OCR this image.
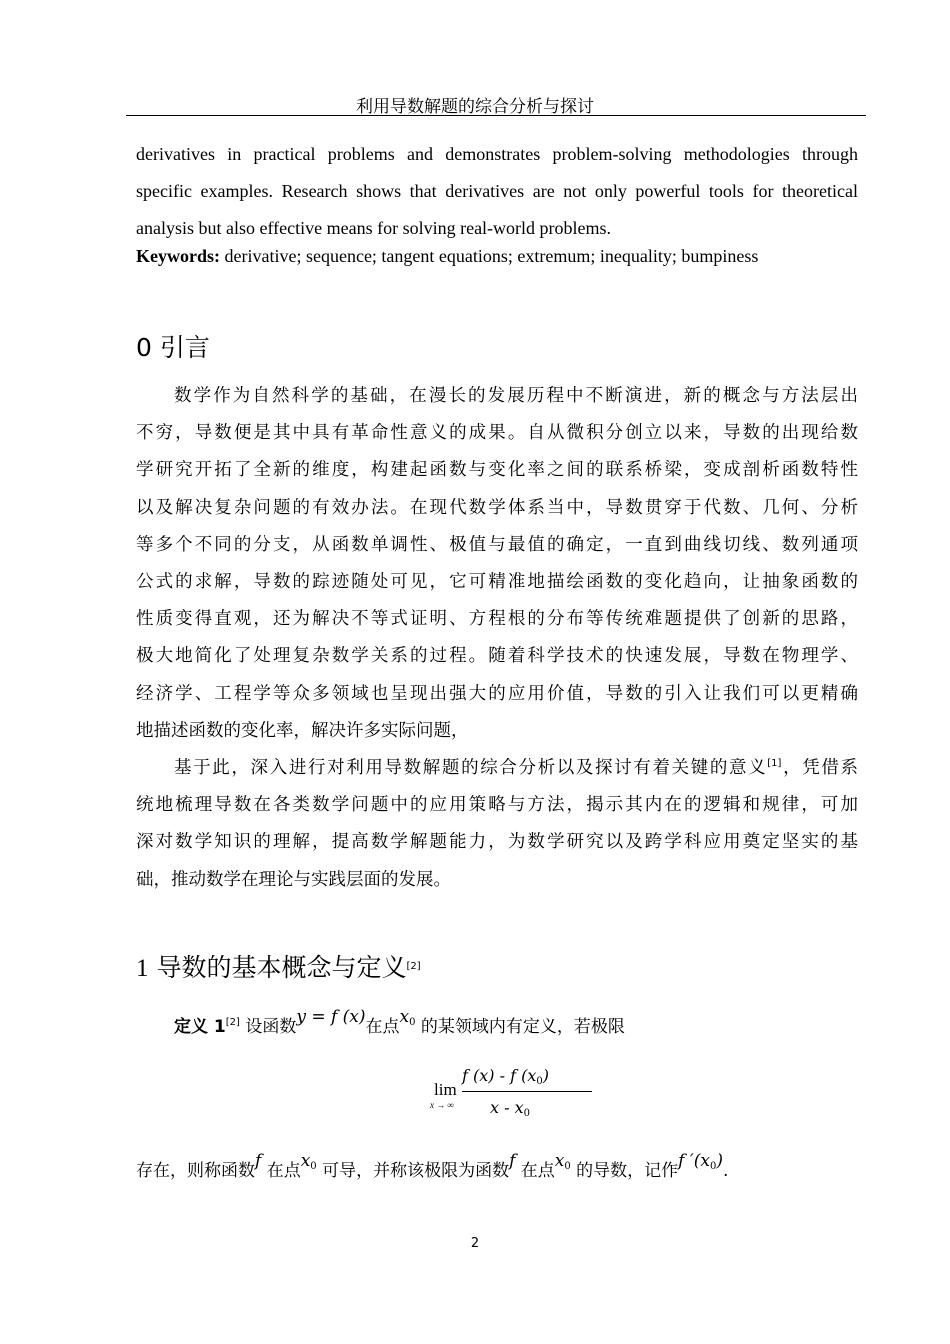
利用导数解题的综合分析与探讨
derivatives in practical problems and demonstrates problem-solving methodologies through
specific examples. Research shows that derivatives are not only powerful tools for theoretical
analysis but also effective means for solving real-world problems.
Keywords: derivative; sequence; tangent equations; extremum; inequality; bumpiness
0 引言
数学作为自然科学的基础，在漫长的发展历程中不断演进，新的概念与方法层出
不穷，导数便是其中具有革命性意义的成果。自从微积分创立以来，导数的出现给数
学研究开拓了全新的维度，构建起函数与变化率之间的联系桥梁，变成剖析函数特性
以及解决复杂问题的有效办法。在现代数学体系当中，导数贯穿于代数、几何、分析
等多个不同的分支，从函数单调性、极值与最值的确定，一直到曲线切线、数列通项
公式的求解，导数的踪迹随处可见，它可精准地描绘函数的变化趋向，让抽象函数的
性质变得直观，还为解决不等式证明、方程根的分布等传统难题提供了创新的思路，
极大地简化了处理复杂数学关系的过程。随着科学技术的快速发展，导数在物理学、
经济学、工程学等众多领域也呈现出强大的应用价值，导数的引入让我们可以更精确
地描述函数的变化率，解决许多实际问题，
基于此，深入进行对利用导数解题的综合分析以及探讨有着关键的意义[1]，凭借系
统地梳理导数在各类数学问题中的应用策略与方法，揭示其内在的逻辑和规律，可加
深对数学知识的理解，提高数学解题能力，为数学研究以及跨学科应用奠定坚实的基
础，推动数学在理论与实践层面的发展。
1 导数的基本概念与定义[2]
定义 1[2] 设函数y = f (x)在点x0 的某领域内有定义，若极限
lim
x → ∞
f (x) - f (x0)
x - x0
存在，则称函数f 在点x0 可导，并称该极限为函数f 在点x0 的导数，记作f ′(x0).
2
